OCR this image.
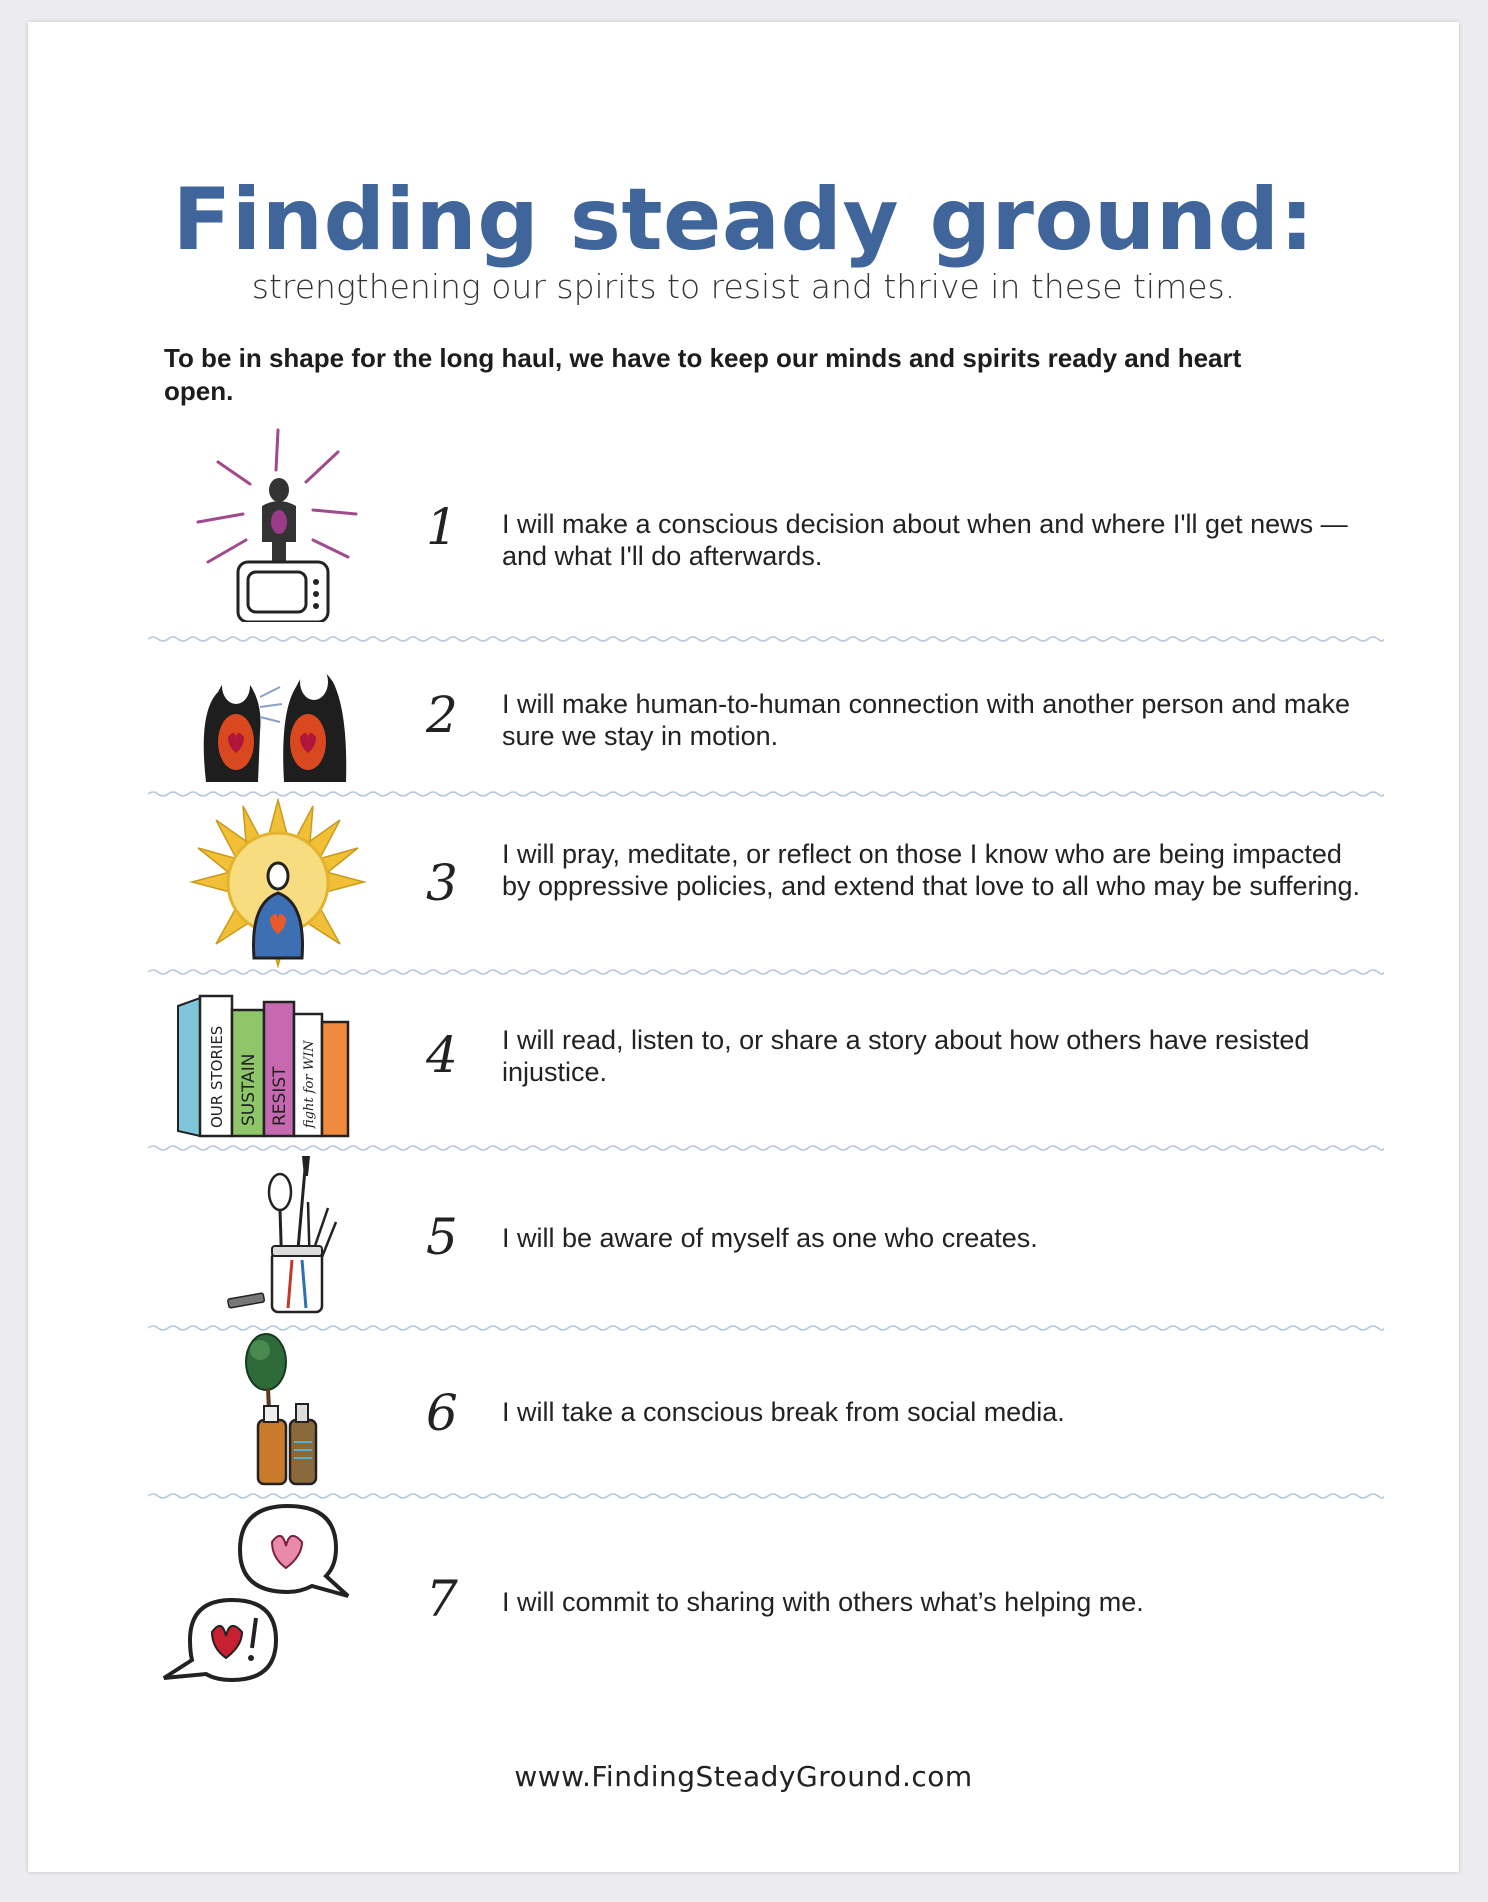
Finding steady ground:
strengthening our spirits to resist and thrive in these times.
To be in shape for the long haul, we have to keep our minds and spirits ready and heart open.
1	I will make a conscious decision about when and where I'll get news — and what I'll do afterwards.
2	I will make human-to-human connection with another person and make sure we stay in motion.
3	I will pray, meditate, or reflect on those I know who are being impacted by oppressive policies, and extend that love to all who may be suffering.
OUR STORIES SUSTAIN RESIST fight for WIN 4	I will read, listen to, or share a story about how others have resisted injustice.
5	I will be aware of myself as one who creates.
6	I will take a conscious break from social media.
7	I will commit to sharing with others what’s helping me.
www.FindingSteadyGround.com
